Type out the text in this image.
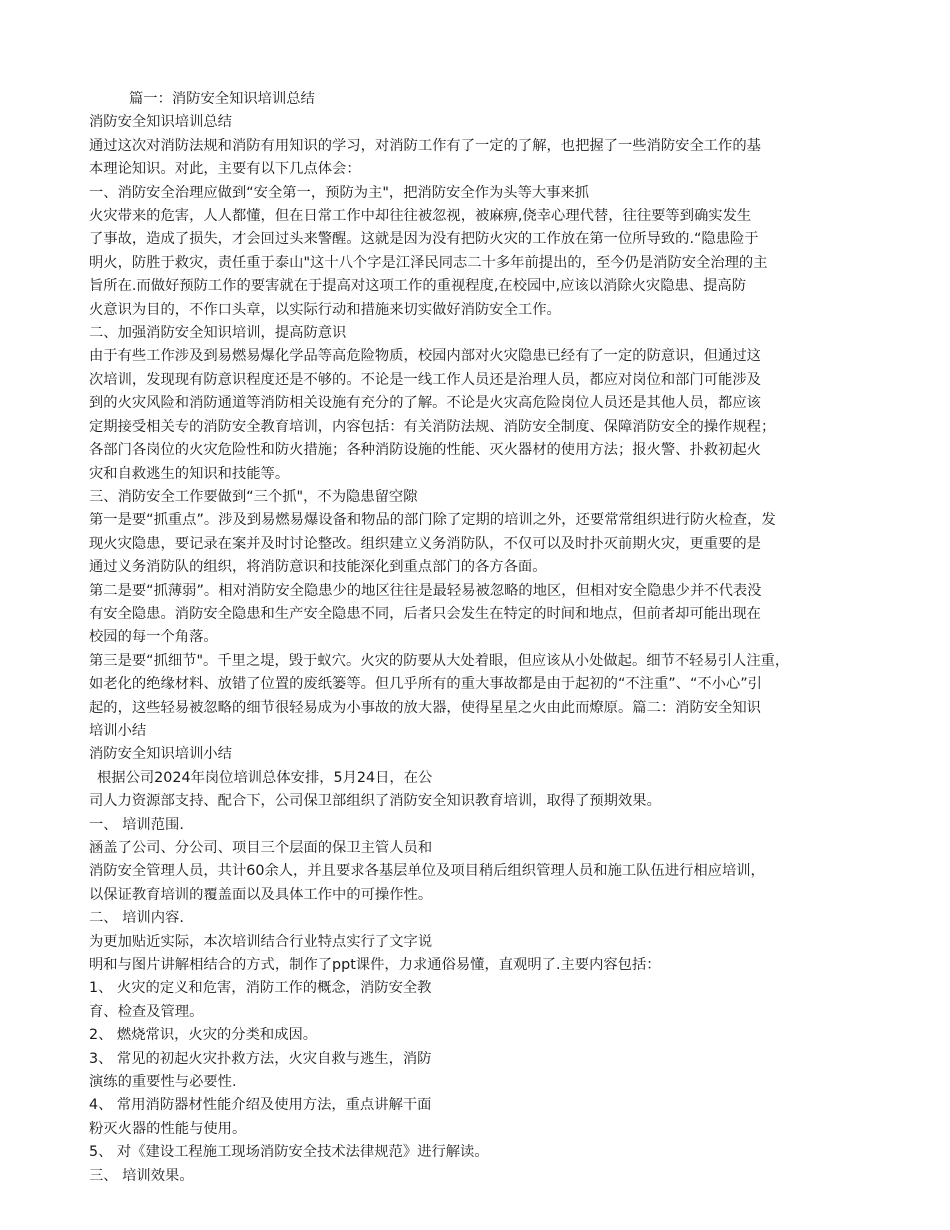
篇一：消防安全知识培训总结
消防安全知识培训总结
通过这次对消防法规和消防有用知识的学习，对消防工作有了一定的了解，也把握了一些消防安全工作的基
本理论知识。对此，主要有以下几点体会：
一、消防安全治理应做到“安全第一，预防为主"，把消防安全作为头等大事来抓
火灾带来的危害，人人都懂，但在日常工作中却往往被忽视，被麻痹,侥幸心理代替，往往要等到确实发生
了事故，造成了损失，才会回过头来警醒。这就是因为没有把防火灾的工作放在第一位所导致的.“隐患险于
明火，防胜于救灾，责任重于泰山"这十八个字是江泽民同志二十多年前提出的，至今仍是消防安全治理的主
旨所在.而做好预防工作的要害就在于提高对这项工作的重视程度,在校园中,应该以消除火灾隐患、提高防
火意识为目的，不作口头章，以实际行动和措施来切实做好消防安全工作。
二、加强消防安全知识培训，提高防意识
由于有些工作涉及到易燃易爆化学品等高危险物质，校园内部对火灾隐患已经有了一定的防意识，但通过这
次培训，发现现有防意识程度还是不够的。不论是一线工作人员还是治理人员，都应对岗位和部门可能涉及
到的火灾风险和消防通道等消防相关设施有充分的了解。不论是火灾高危险岗位人员还是其他人员，都应该
定期接受相关专的消防安全教育培训，内容包括：有关消防法规、消防安全制度、保障消防安全的操作规程；
各部门各岗位的火灾危险性和防火措施；各种消防设施的性能、灭火器材的使用方法；报火警、扑救初起火
灾和自救逃生的知识和技能等。
三、消防安全工作要做到“三个抓"，不为隐患留空隙
第一是要“抓重点”。涉及到易燃易爆设备和物品的部门除了定期的培训之外，还要常常组织进行防火检查，发
现火灾隐患，要记录在案并及时讨论整改。组织建立义务消防队，不仅可以及时扑灭前期火灾，更重要的是
通过义务消防队的组织，将消防意识和技能深化到重点部门的各方各面。
第二是要“抓薄弱”。相对消防安全隐患少的地区往往是最轻易被忽略的地区，但相对安全隐患少并不代表没
有安全隐患。消防安全隐患和生产安全隐患不同，后者只会发生在特定的时间和地点，但前者却可能出现在
校园的每一个角落。
第三是要“抓细节"。千里之堤，毁于蚁穴。火灾的防要从大处着眼，但应该从小处做起。细节不轻易引人注重，
如老化的绝缘材料、放错了位置的废纸篓等。但几乎所有的重大事故都是由于起初的“不注重”、“不小心”引
起的，这些轻易被忽略的细节很轻易成为小事故的放大器，使得星星之火由此而燎原。篇二：消防安全知识
培训小结
消防安全知识培训小结
根据公司2024年岗位培训总体安排，5月24日，在公
司人力资源部支持、配合下，公司保卫部组织了消防安全知识教育培训，取得了预期效果。
一、 培训范围.
涵盖了公司、分公司、项目三个层面的保卫主管人员和
消防安全管理人员，共计60余人，并且要求各基层单位及项目稍后组织管理人员和施工队伍进行相应培训，
以保证教育培训的覆盖面以及具体工作中的可操作性。
二、 培训内容.
为更加贴近实际，本次培训结合行业特点实行了文字说
明和与图片讲解相结合的方式，制作了ppt课件，力求通俗易懂，直观明了.主要内容包括：
1、 火灾的定义和危害，消防工作的概念，消防安全教
育、检查及管理。
2、 燃烧常识，火灾的分类和成因。
3、 常见的初起火灾扑救方法，火灾自救与逃生，消防
演练的重要性与必要性.
4、 常用消防器材性能介绍及使用方法，重点讲解干面
粉灭火器的性能与使用。
5、 对《建设工程施工现场消防安全技术法律规范》进行解读。
三、 培训效果。
